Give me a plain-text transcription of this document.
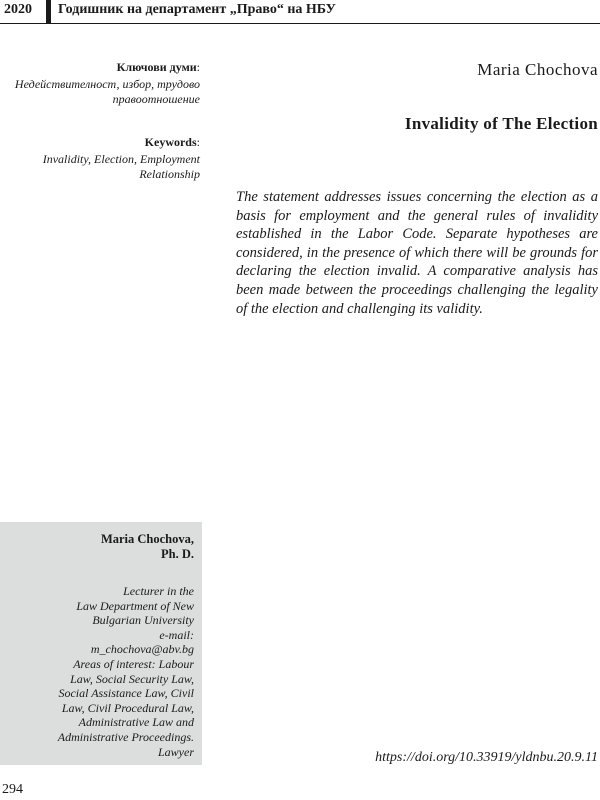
2020 Годишник на департамент „Право“ на НБУ

Ключови думи:

Недействителност, избор, трудово правоотношение

Keywords:

Invalidity, Election, Employment Relationship

Maria Chochova
Invalidity of The Election

The statement addresses issues concerning the election as a basis for employment and the general rules of invalidity established in the Labor Code. Separate hypotheses are considered, in the presence of which there will be grounds for declaring the election invalid. A comparative analysis has been made between the proceedings challenging the legality of the election and challenging its validity.

Maria Chochova,

Ph. D.

Lecturer in the
Law Department of New
Bulgarian University
e-mail:
m_chochova@abv.bg
Areas of interest: Labour
Law, Social Security Law,
Social Assistance Law, Civil
Law, Civil Procedural Law,
Administrative Law and
Administrative Proceedings.
Lawyer	https://doi.org/10.33919/yldnbu.20.9.11
294
